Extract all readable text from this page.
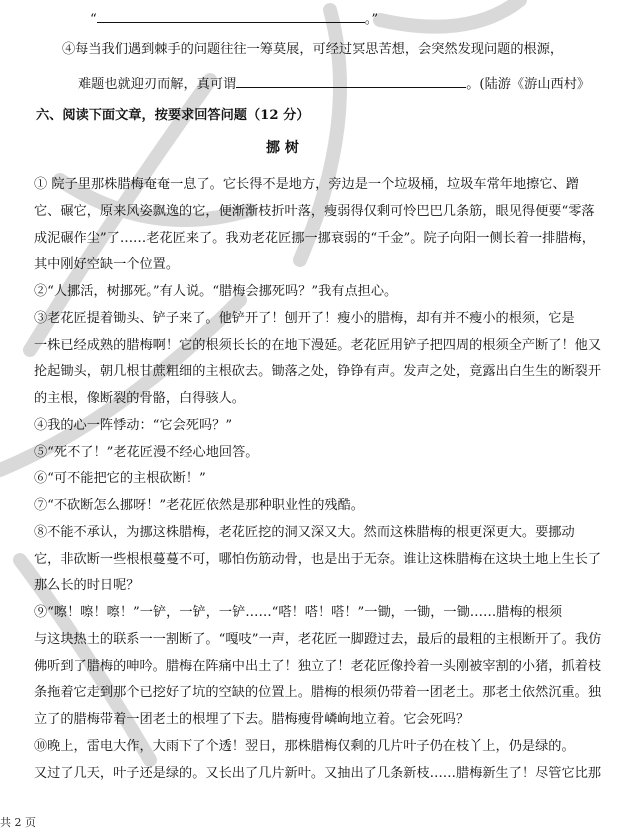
“	。”
④每当我们遇到棘手的问题往往一筹莫展，可经过冥思苦想，会突然发现问题的根源，
难题也就迎刃而解，真可谓	。(陆游《游山西村》
六、阅读下面文章，按要求回答问题（12 分）
挪 树
① 院子里那株腊梅奄奄一息了。它长得不是地方，旁边是一个垃圾桶，垃圾车常年地擦它、蹭
它、碾它，原来风姿飘逸的它，便渐渐枝折叶落，瘦弱得仅剩可怜巴巴几条筋，眼见得便要“零落
成泥碾作尘”了……老花匠来了。我劝老花匠挪一挪衰弱的“千金”。院子向阳一侧长着一排腊梅，
其中刚好空缺一个位置。
②“人挪活，树挪死。”有人说。“腊梅会挪死吗？”我有点担心。
③老花匠提着锄头、铲子来了。他铲开了！刨开了！瘦小的腊梅，却有并不瘦小的根须，它是
一株已经成熟的腊梅啊！它的根须长长的在地下漫延。老花匠用铲子把四周的根须全产断了！他又
抡起锄头，朝几根甘蔗粗细的主根砍去。锄落之处，铮铮有声。发声之处，竟露出白生生的断裂开
的主根，像断裂的骨骼，白得骇人。
④我的心一阵悸动：“它会死吗？”
⑤“死不了！”老花匠漫不经心地回答。
⑥“可不能把它的主根砍断！”
⑦“不砍断怎么挪呀！”老花匠依然是那种职业性的残酷。
⑧不能不承认，为挪这株腊梅，老花匠挖的洞又深又大。然而这株腊梅的根更深更大。要挪动
它，非砍断一些根根蔓蔓不可，哪怕伤筋动骨，也是出于无奈。谁让这株腊梅在这块土地上生长了
那么长的时日呢？
⑨“嚓！嚓！嚓！”一铲，一铲，一铲……“嗒！嗒！嗒！”一锄，一锄，一锄……腊梅的根须
与这块热土的联系一一割断了。“嘎吱”一声，老花匠一脚蹬过去，最后的最粗的主根断开了。我仿
佛听到了腊梅的呻吟。腊梅在阵痛中出土了！独立了！老花匠像拎着一头刚被宰割的小猪，抓着枝
条拖着它走到那个已挖好了坑的空缺的位置上。腊梅的根须仍带着一团老土。那老土依然沉重。独
立了的腊梅带着一团老土的根埋了下去。腊梅瘦骨嶙峋地立着。它会死吗？
⑩晚上，雷电大作，大雨下了个透！翌日，那株腊梅仅剩的几片叶子仍在枝丫上，仍是绿的。
又过了几天，叶子还是绿的。又长出了几片新叶。又抽出了几条新枝……腊梅新生了！尽管它比那
共 2 页
